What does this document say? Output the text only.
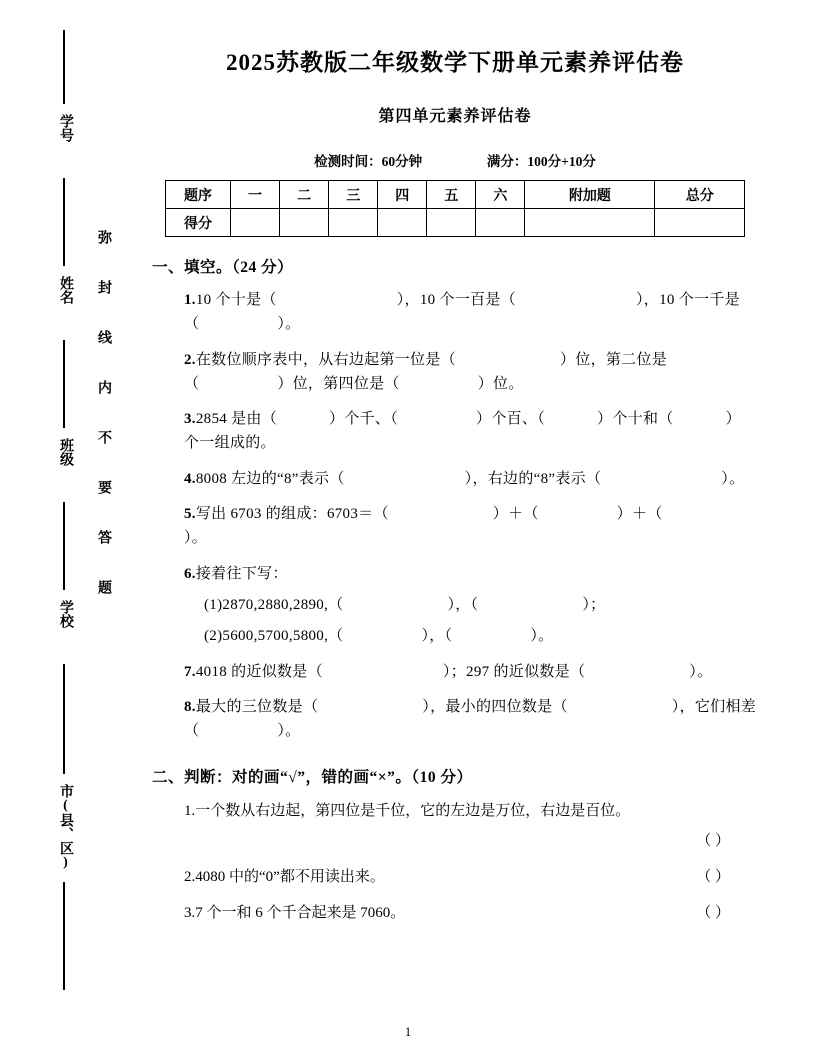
学号
姓名
班级
学校
市(县、区)
弥
封
线
内
不
要
答
题
2025苏教版二年级数学下册单元素养评估卷
第四单元素养评估卷
检测时间：60分钟	满分：100分+10分
题序	一	二	三	四	五	六	附加题	总分
得分								
一、填空。（24 分）
1.10 个十是（	），10 个一百是（	），10 个一千是
（	）。
2.在数位顺序表中，从右边起第一位是（	）位，第二位是
（	）位，第四位是（	）位。
3.2854 是由（	）个千、（	）个百、（	）个十和（	）
个一组成的。
4.8008 左边的“8”表示（	），右边的“8”表示（	）。
5.写出 6703 的组成：6703＝（	）＋（	）＋（）。
6.接着往下写：
(1)2870,2880,2890,（	），（	）；
(2)5600,5700,5800,（	），（	）。
7.4018 的近似数是（	）；297 的近似数是（	）。
8.最大的三位数是（	），最小的四位数是（	），它们相差
（	）。
二、判断：对的画“√”，错的画“×”。（10 分）
1.一个数从右边起，第四位是千位，它的左边是万位，右边是百位。
（ ）
2.4080 中的“0”都不用读出来。	（ ）
3.7 个一和 6 个千合起来是 7060。	（ ）
1
